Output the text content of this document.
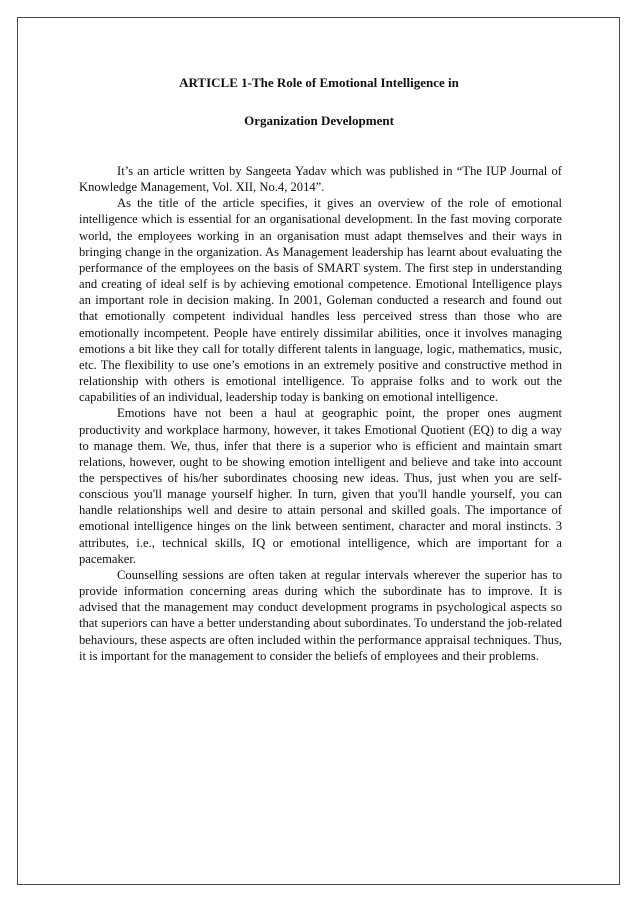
ARTICLE 1-The Role of Emotional Intelligence in
Organization Development

It’s an article written by Sangeeta Yadav which was published in “The IUP Journal of Knowledge Management, Vol. XII, No.4, 2014”.

As the title of the article specifies, it gives an overview of the role of emotional intelligence which is essential for an organisational development. In the fast moving corporate world, the employees working in an organisation must adapt themselves and their ways in bringing change in the organization. As Management leadership has learnt about evaluating the performance of the employees on the basis of SMART system. The first step in understanding and creating of ideal self is by achieving emotional competence. Emotional Intelligence plays an important role in decision making. In 2001, Goleman conducted a research and found out that emotionally competent individual handles less perceived stress than those who are emotionally incompetent. People have entirely dissimilar abilities, once it involves managing emotions a bit like they call for totally different talents in language, logic, mathematics, music, etc. The flexibility to use one’s emotions in an extremely positive and constructive method in relationship with others is emotional intelligence. To appraise folks and to work out the capabilities of an individual, leadership today is banking on emotional intelligence.

Emotions have not been a haul at geographic point, the proper ones augment productivity and workplace harmony, however, it takes Emotional Quotient (EQ) to dig a way to manage them. We, thus, infer that there is a superior who is efficient and maintain smart relations, however, ought to be showing emotion intelligent and believe and take into account the perspectives of his/her subordinates choosing new ideas. Thus, just when you are self-conscious you'll manage yourself higher. In turn, given that you'll handle yourself, you can handle relationships well and desire to attain personal and skilled goals. The importance of emotional intelligence hinges on the link between sentiment, character and moral instincts. 3 attributes, i.e., technical skills, IQ or emotional intelligence, which are important for a pacemaker.

Counselling sessions are often taken at regular intervals wherever the superior has to provide information concerning areas during which the subordinate has to improve. It is advised that the management may conduct development programs in psychological aspects so that superiors can have a better understanding about subordinates. To understand the job-related behaviours, these aspects are often included within the performance appraisal techniques. Thus, it is important for the management to consider the beliefs of employees and their problems.
